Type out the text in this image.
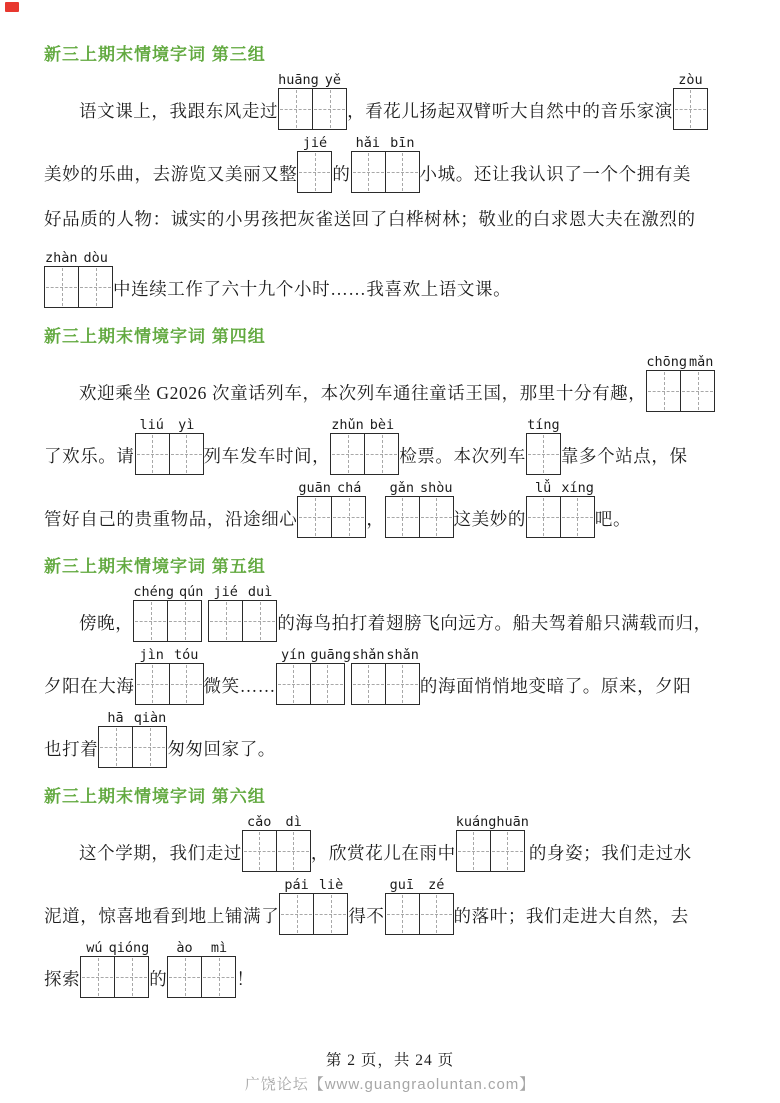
新三上期末情境字词 第三组
语文课上，我跟东风走过
huāng yě
，看花儿扬起双臂听大自然中的音乐家演
zòu
美妙的乐曲，去游览又美丽又整
jié
的
hǎi bīn
小城。还让我认识了一个个拥有美
好品质的人物：诚实的小男孩把灰雀送回了白桦树林；敬业的白求恩大夫在激烈的
zhàn dòu
中连续工作了六十九个小时……我喜欢上语文课。
新三上期末情境字词 第四组
欢迎乘坐 G2026 次童话列车，本次列车通往童话王国，那里十分有趣，
chōng mǎn
了欢乐。请
liú	yì
列车发车时间，
zhǔn bèi
检票。本次列车
tíng
靠多个站点，保
管好自己的贵重物品，沿途细心
guān chá
，
gǎn shòu
这美妙的
lǚ xíng
吧。
新三上期末情境字词 第五组
傍晚，
chéng qún jié duì
的海鸟拍打着翅膀飞向远方。船夫驾着船只满载而归，
夕阳在大海
jìn tóu
微笑……
yín guāng shǎn shǎn
的海面悄悄地变暗了。原来，夕阳
也打着
hā qiàn
匆匆回家了。
新三上期末情境字词 第六组
这个学期，我们走过
cǎo	dì
，欣赏花儿在雨中
kuáng huān
的身姿；我们走过水
泥道，惊喜地看到地上铺满了
pái liè
得不
guī	zé
的落叶；我们走进大自然，去
探索
wú qióng
的
ào	mì
！
第 2 页，共 24 页
广饶论坛【www.guangraoluntan.com】
